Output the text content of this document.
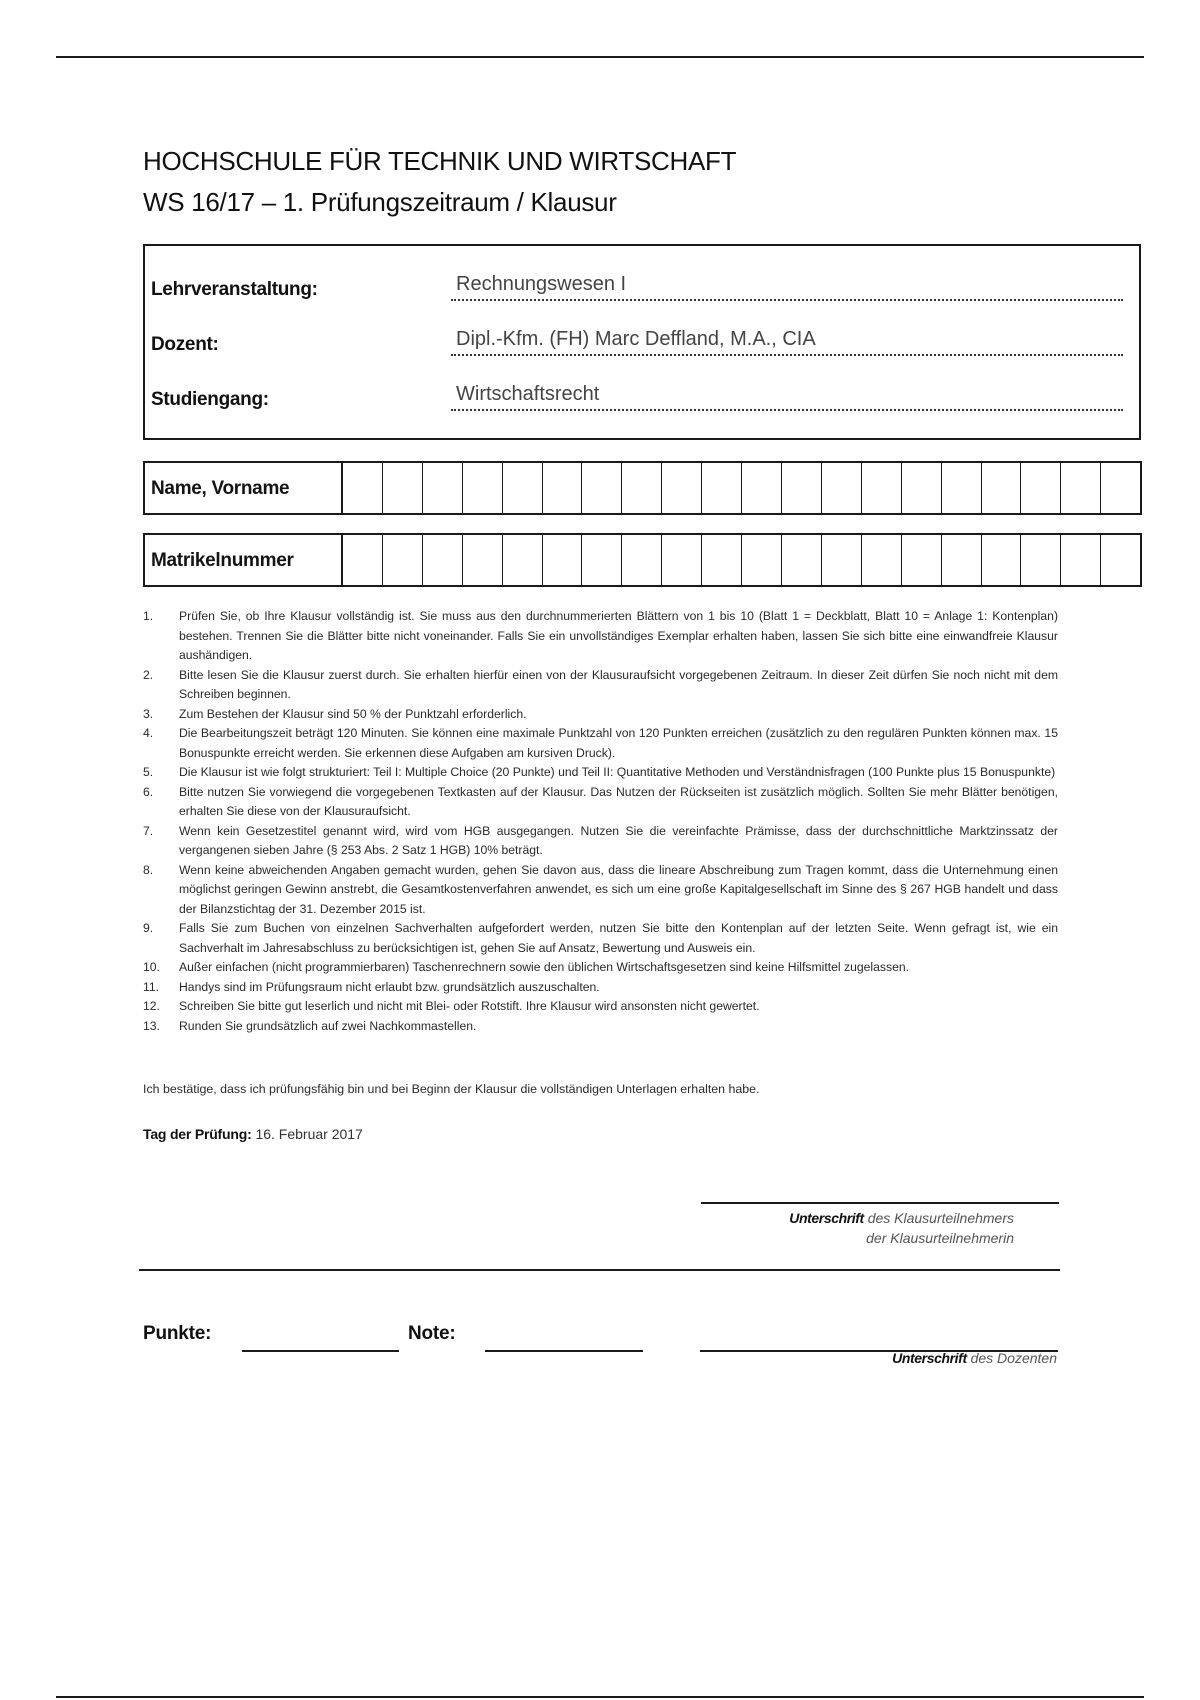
HOCHSCHULE FÜR TECHNIK UND WIRTSCHAFT
WS 16/17 – 1. Prüfungszeitraum / Klausur
Lehrveranstaltung:	Rechnungswesen I
Dozent:	Dipl.-Kfm. (FH) Marc Deffland, M.A., CIA
Studiengang:	Wirtschaftsrecht
Name, Vorname
Matrikelnummer
1. Prüfen Sie, ob Ihre Klausur vollständig ist. Sie muss aus den durchnummerierten Blättern von 1 bis 10 (Blatt 1 = Deckblatt, Blatt 10 = Anlage 1: Kontenplan) bestehen. Trennen Sie die Blätter bitte nicht voneinander. Falls Sie ein unvollständiges Exemplar erhalten haben, lassen Sie sich bitte eine einwandfreie Klausur aushändigen.
2. Bitte lesen Sie die Klausur zuerst durch. Sie erhalten hierfür einen von der Klausuraufsicht vorgegebenen Zeitraum. In dieser Zeit dürfen Sie noch nicht mit dem Schreiben beginnen.
3. Zum Bestehen der Klausur sind 50 % der Punktzahl erforderlich.
4. Die Bearbeitungszeit beträgt 120 Minuten. Sie können eine maximale Punktzahl von 120 Punkten erreichen (zusätzlich zu den regulären Punkten können max. 15 Bonuspunkte erreicht werden. Sie erkennen diese Aufgaben am kursiven Druck).
5. Die Klausur ist wie folgt strukturiert: Teil I: Multiple Choice (20 Punkte) und Teil II: Quantitative Methoden und Verständnisfragen (100 Punkte plus 15 Bonuspunkte)
6. Bitte nutzen Sie vorwiegend die vorgegebenen Textkasten auf der Klausur. Das Nutzen der Rückseiten ist zusätzlich möglich. Sollten Sie mehr Blätter benötigen, erhalten Sie diese von der Klausuraufsicht.
7. Wenn kein Gesetzestitel genannt wird, wird vom HGB ausgegangen. Nutzen Sie die vereinfachte Prämisse, dass der durchschnittliche Marktzinssatz der vergangenen sieben Jahre (§ 253 Abs. 2 Satz 1 HGB) 10% beträgt.
8. Wenn keine abweichenden Angaben gemacht wurden, gehen Sie davon aus, dass die lineare Abschreibung zum Tragen kommt, dass die Unternehmung einen möglichst geringen Gewinn anstrebt, die Gesamtkostenverfahren anwendet, es sich um eine große Kapitalgesellschaft im Sinne des § 267 HGB handelt und dass der Bilanzstichtag der 31. Dezember 2015 ist.
9. Falls Sie zum Buchen von einzelnen Sachverhalten aufgefordert werden, nutzen Sie bitte den Kontenplan auf der letzten Seite. Wenn gefragt ist, wie ein Sachverhalt im Jahresabschluss zu berücksichtigen ist, gehen Sie auf Ansatz, Bewertung und Ausweis ein.
10. Außer einfachen (nicht programmierbaren) Taschenrechnern sowie den üblichen Wirtschaftsgesetzen sind keine Hilfsmittel zugelassen.
11. Handys sind im Prüfungsraum nicht erlaubt bzw. grundsätzlich auszuschalten.
12. Schreiben Sie bitte gut leserlich und nicht mit Blei- oder Rotstift. Ihre Klausur wird ansonsten nicht gewertet.
13. Runden Sie grundsätzlich auf zwei Nachkommastellen.
Ich bestätige, dass ich prüfungsfähig bin und bei Beginn der Klausur die vollständigen Unterlagen erhalten habe.
Tag der Prüfung: 16. Februar 2017
Unterschrift des Klausurteilnehmers
der Klausurteilnehmerin
Punkte:	Note:
Unterschrift des Dozenten
